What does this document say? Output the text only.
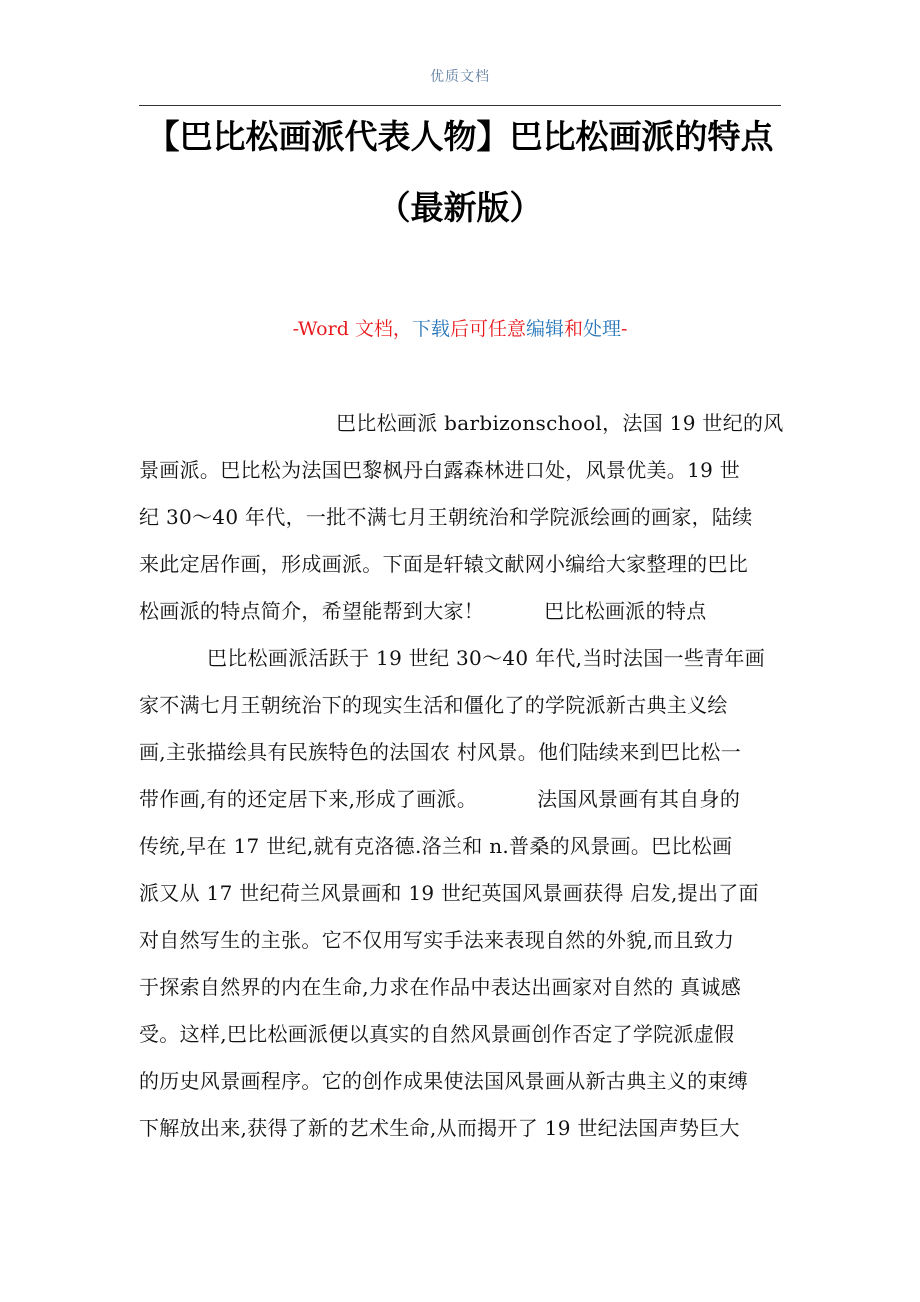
优质文档
【巴比松画派代表人物】巴比松画派的特点
（最新版）
-Word 文档，下载后可任意编辑和处理-
巴比松画派 barbizonschool，法国 19 世纪的风
景画派。巴比松为法国巴黎枫丹白露森林进口处，风景优美。19 世
纪 30～40 年代，一批不满七月王朝统治和学院派绘画的画家，陆续
来此定居作画，形成画派。下面是轩辕文献网小编给大家整理的巴比
松画派的特点简介，希望能帮到大家！	巴比松画派的特点
巴比松画派活跃于 19 世纪 30～40 年代,当时法国一些青年画
家不满七月王朝统治下的现实生活和僵化了的学院派新古典主义绘
画,主张描绘具有民族特色的法国农 村风景。他们陆续来到巴比松一
带作画,有的还定居下来,形成了画派。	法国风景画有其自身的
传统,早在 17 世纪,就有克洛德.洛兰和 n.普桑的风景画。巴比松画
派又从 17 世纪荷兰风景画和 19 世纪英国风景画获得 启发,提出了面
对自然写生的主张。它不仅用写实手法来表现自然的外貌,而且致力
于探索自然界的内在生命,力求在作品中表达出画家对自然的 真诚感
受。这样,巴比松画派便以真实的自然风景画创作否定了学院派虚假
的历史风景画程序。它的创作成果使法国风景画从新古典主义的束缚
下解放出来,获得了新的艺术生命,从而揭开了 19 世纪法国声势巨大
